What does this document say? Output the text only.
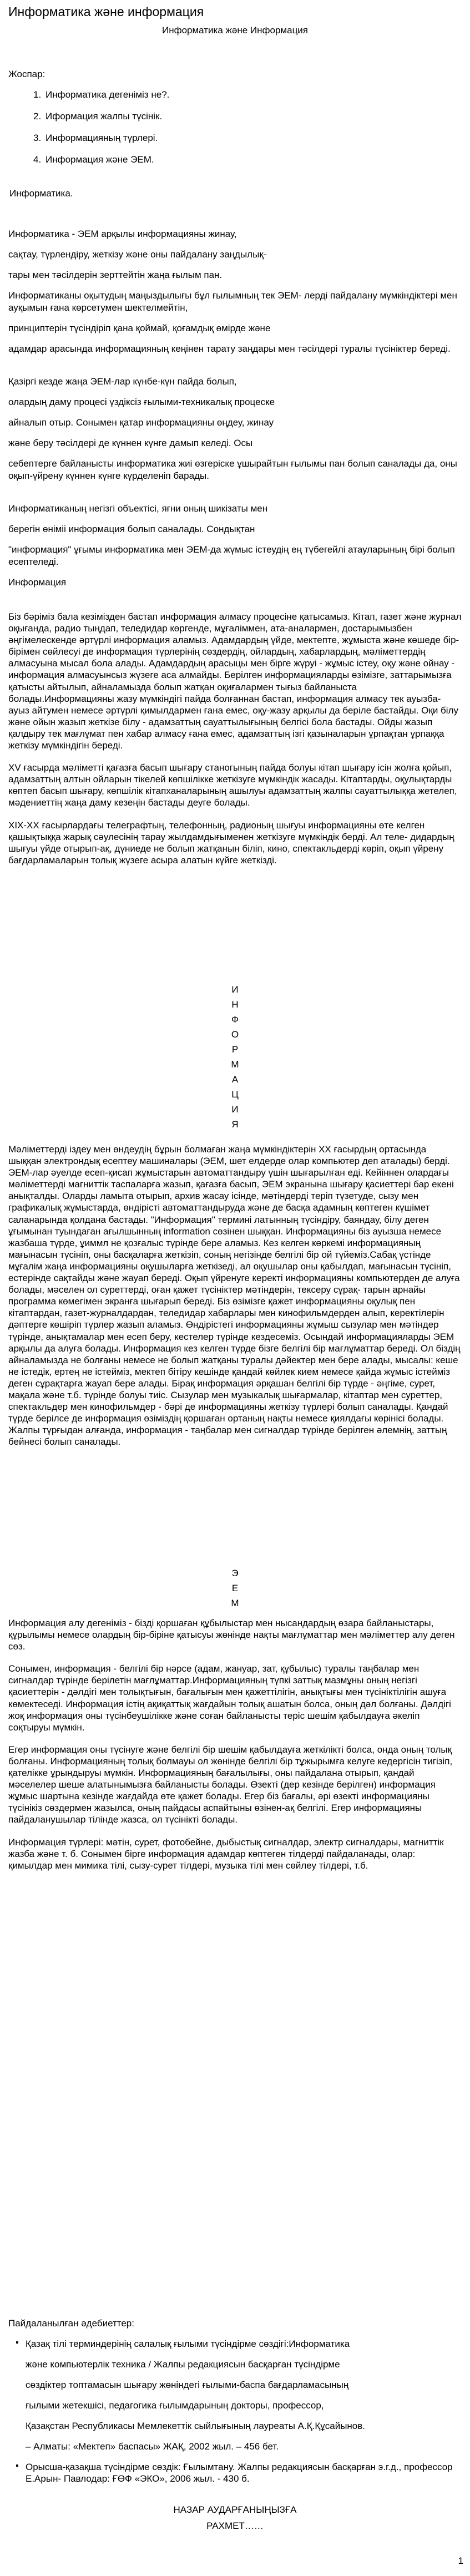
Информатика және информация
Информатика және Информация
Жоспар:
1. Информатика дегеніміз не?.
2. Иформация жалпы түсінік.
3. Информацияның түрлері.
4. Информация және ЭЕМ.
Информатика.

Информатика - ЭЕМ арқылы информацияны жинау,

сақтау, түрлендіру, жеткізу және оны пайдалану заңдылық-

тары мен тәсілдерін зерттейтін жаңа ғылым пан.

Информатиканы оқытудың маңыздылығы бұл ғылымның тек ЭЕМ- лерді пайдалану мүмкіндіктері мен ауқымын ғана көрсетумен шектелмейтін,

принциптерін түсіндіріп қана қоймай, қоғамдық өмірде және

адамдар арасында информацияның кеңінен тарату заңдары мен тәсілдері туралы түсініктер береді.

Қазіргі кезде жаңа ЭЕМ-лар күнбе-күн пайда болып,

олардың даму процесі үздіксіз ғылыми-техникалық процеске

айналып отыр. Сонымен қатар информацияны өңдеу, жинау

және беру тәсілдері де күннен күнге дамып келеді. Осы

себептерге байланысты информатика жиі өзгеріске ұшырайтын ғылымы пан болып саналады да, оны оқып-үйрену күннен күнге күрделеніп барады.

Информатиканың негізгі объектісі, яғни оның шикізаты мен

берегін өніміі информация болып саналады. Сондықтан

"информация" ұғымы информатика мен ЭЕМ-да жүмыс істеудің ең түбегейлі атауларының бірі болып есептеледі.

Информация

Біз бәріміз бала кезімізден бастап информация алмасу процесіне қатысамыз. Кітап, газет және журнал оқығанда, радио тыңдап, теледидар көргенде, мұғаліммен, ата-аналармен, достарымызбен әңгімелескенде әртүрлі информация аламыз. Адамдардың үйде, мектепте, жұмыста және көшеде бір-бірімен сөйлесуі де информация түрлерінің сөздердің, ойлардың, хабарлардың, мәліметтердің алмасуына мысал бола алады. Адамдардың арасыцы мен бірге жүруі - жұмыс істеу, оқу және ойнау - информация алмасуынсыз жүзеге аса алмайды. Берілген информацияларды өзімізге, заттарымызға қатысты айтылып, айналамызда болып жатқан оқиғалармен тығыз байланыста болады.Информацияны жазу мүмкіндігі пайда болғаннан бастап, информация алмасу тек ауызба-ауыз айтумен немесе әртүрлі қимылдармен ғана емес, оқу-жазу арқылы да беріле бастайды. Оқи білу және ойын жазып жеткізе білу - адамзаттың сауаттылығының белгісі бола бастады. Ойды жазып қалдыру тек мағлұмат пен хабар алмасу ғана емес, адамзаттың ізгі қазыналарын ұрпақтан ұрпаққа жеткізу мүмкіндігін береді.

XV ғасырда мәліметті қағазға басып шығару станогының пайда болуы кітап шығару ісін жолға қойып, адамзаттың алтын ойларын тікелей көпшілікке жеткізуге мүмкіндік жасады. Кітаптарды, оқулықтарды көптеп басып шығару, көпшілік кітапханаларының ашылуы адамзаттың жалпы сауаттылыққа жетелеп, мәдениеттің жаңа даму кезеңін бастады деуге болады.

XIX-XX ғасырлардағы телеграфтың, телефонның, радионың шығуы информацияны өте келген қашықтыққа жарық сәулесінің тарау жылдамдығыменен жеткізуге мүмкіндік берді. Ал теле- дидардың шығуы үйде отырып-ақ, дүниеде не болып жатқанын біліп, кино, спектакльдерді көріп, оқып үйрену бағдарламаларын толық жүзеге асыра алатын күйге жеткізді.

И
Н
Ф
О
Р
М
А
Ц
И
Я

Мәліметтерді іздеу мен өндеудің бұрын болмаған жаңа мүмкіндіктерін XX ғасырдың ортасында шыққан электрондық есептеу машиналары (ЭЕМ, шет елдерде олар компьютер деп аталады) берді. ЭЕМ-лар әуелде есеп-қисап жұмыстарын автоматтандыру үшін шығарылған еді. Кейіннен олардағы мәліметтерді магниттік таспаларға жазып, қағазға басып, ЭЕМ экранына шығару қасиеттері бар екені анықталды. Оларды ламыта отырып, архив жасау ісінде, мәтіндерді теріп түзетуде, сызу мен графикалық жұмыстарда, өндірісті автоматтандыруда және де басқа адамның көптеген күшімет саланарында қолдана бастады. "Информация" термині латынның түсіндіру, баяндау, білу деген ұғымынан туындаған ағылшынның information сөзінен шыққан. Информацияны біз ауызша немесе жазбаша түрде, ұиммл не қозғалыс түрінде бере аламыз. Кез келген көркемі информацияның мағынасын түсініп, оны басқаларға жеткізіп, соның негізінде белгілі бір ой түйеміз.Сабақ үстінде мұғалім жаңа информацияны оқушыларға жеткізеді, ал оқушылар оны қабылдап, мағынасын түсініп, естерінде сақтайды және жауап береді. Оқып үйренуге керекті информацияны компьютерден де алуға болады, мәселен ол суреттерді, оған қажет түсініктер мәтіндерін, тексеру сұрақ- тарын арнайы программа көмегімен экранға шығарып береді. Біз өзімізге қажет информацияны оқулық пен кітаптардан, газет-журналдардан, теледидар хабарлары мен кинофильмдерден алып, керектілерін дәптерге көшіріп түрлер жазып аламыз. Өндірістегі информацияны жұмыш сызулар мен мәтіндер түрінде, анықтамалар мен есеп беру, кестелер түрінде кездесеміз. Осындай информацияларды ЭЕМ арқылы да алуға болады. Информация кез келген түрде бізге белгілі бір мағлұматтар береді. Ол біздің айналамызда не болғаны немесе не болып жатқаны туралы дәйектер мен бере алады, мысалы: кеше не істедік, ертең не істейміз, мектеп бітіру кешінде қандай көйлек кием немесе қайда жұмыс істейміз деген сұрақтарға жауап бере алады. Бірақ информация әрқашан белгілі бір түрде - әңгіме, сурет, мақала және т.б. түрінде болуы тиіс. Сызулар мен музыкалық шығармалар, кітаптар мен суреттер, спектакльдер мен кинофильмдер - бәрі де информацияны жеткізу түрлері болып саналады. Қандай түрде берілсе де информация өзіміздің қоршаған ортаның нақты немесе қиялдағы көрінісі болады. Жалпы түрғыдан алғанда, информация - таңбалар мен сигналдар түрінде берілген әлемнің, заттың бейнесі болып саналады.

Э
Е
М

Информация алу дегеніміз - бізді қоршаған құбылыстар мен нысандардың өзара байланыстары, құрылымы немесе олардың бір-біріне қатысуы жөнінде нақты мағлұматтар мен мәліметтер алу деген сөз.

Сонымен, информация - белгілі бір нәрсе (адам, жануар, зат, құбылыс) туралы таңбалар мен сигналдар түрінде берілетін мағлұматтар.Информацияның түпкі заттық мазмұны оның негізгі қасиеттерін - дәлдігі мен толықтығын, бағалығын мен қажеттілігін, анықтығы мен түсініктілігін ашуға көмектеседі. Информация істің ақиқаттық жағдайын толық ашатын болса, оның дәл болғаны. Дәлдігі жоқ информация оны түсінбеушілікке және соған байланысты теріс шешім қабылдауға әкеліп соқтыруы мүмкін.

Егер информация оны түсінуге және белгілі бір шешім қабылдауға жеткілікті болса, онда оның толық болғаны. Информацияның толық болмауы ол жөнінде белгілі бір тұжырымға келуге кедергісін тигізіп, қателікке ұрындыруы мүмкін. Информацияның бағалылығы, оны пайдалана отырып, қандай мәселелер шеше алатынымызға байланысты болады. Өзекті (дер кезінде берілген) информация жұмыс шартына кезінде жағдайда өте қажет болады. Егер біз бағалы, әрі өзекті информацияны түсінікіз сөздермен жазылса, оның пайдасы аспайтыны өзінен-ақ белгілі. Егер информацияны пайдаланушылар тілінде жазса, ол түсінікті болады.

Информация түрлері: мәтін, сурет, фотобейне, дыбыстық сигналдар, электр сигналдары, магниттік жазба және т. б. Сонымен бірге информация адамдар көптеген тілдерді пайдаланады, олар: қимылдар мен мимика тілі, сызу-сурет тілдері, музыка тілі мен сөйлеу тілдері, т.б.

Пайдаланылған әдебиеттер:

▪ Қазақ тілі терминдерінің салалық ғылыми түсіндірме сөздігі:Информатика

және компьютерлік техника / Жалпы редакциясын басқарған түсіндірме

сөздіктер топтамасын шығару жөніндегі ғылыми-баспа бағдарламасының

ғылыми жетекшісі, педагогика ғылымдарының докторы, профессор,

Қазақстан Республикасы Мемлекеттік сыйлығының лауреаты А.Қ.Құсайынов.

– Алматы: «Мектеп» баспасы» ЖАҚ, 2002 жыл. – 456 бет.

▪ Орысша-қазақша түсіндірме сөздік: Ғылымтану. Жалпы редакциясын басқарған э.г.д., профессор Е.Арын- Павлодар: ҒӨФ «ЭКО», 2006 жыл. - 430 б.

НАЗАР АУДАРҒАНЫҢЫЗҒА

РАХМЕТ……

1
